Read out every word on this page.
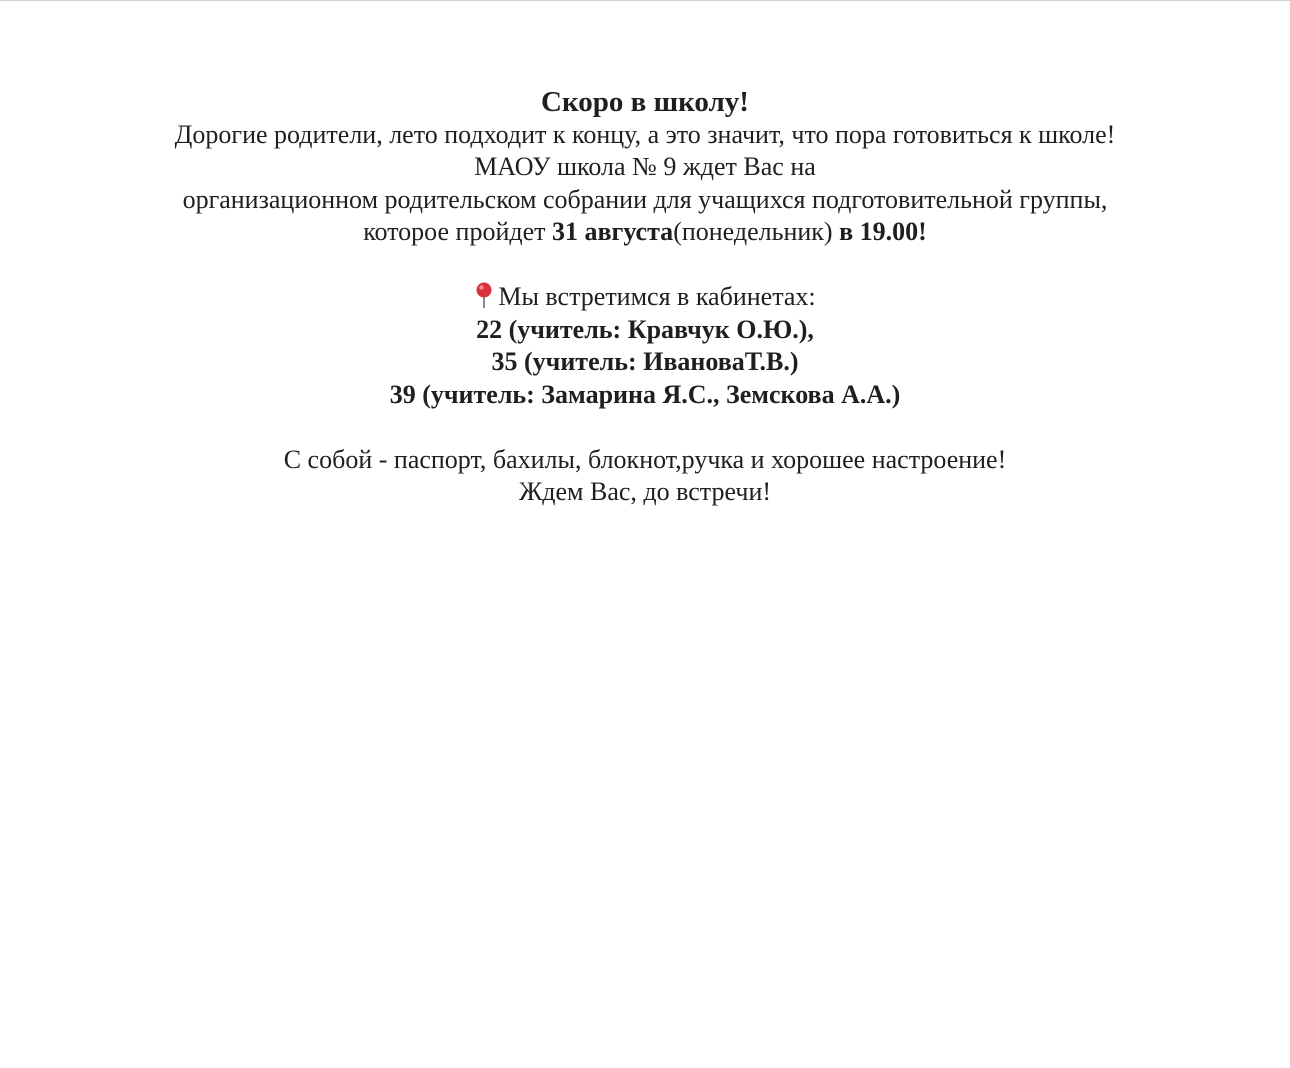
Скоро в школу!
Дорогие родители, лето подходит к концу, а это значит, что пора готовиться к школе!
МАОУ школа № 9 ждет Вас на
организационном родительском собрании для учащихся подготовительной группы,
которое пройдет 31 августа(понедельник) в 19.00!
Мы встретимся в кабинетах:
22 (учитель: Кравчук О.Ю.),
35 (учитель: ИвановаТ.В.)
39 (учитель: Замарина Я.С., Земскова А.А.)
С собой - паспорт, бахилы, блокнот,ручка и хорошее настроение!
Ждем Вас, до встречи!
